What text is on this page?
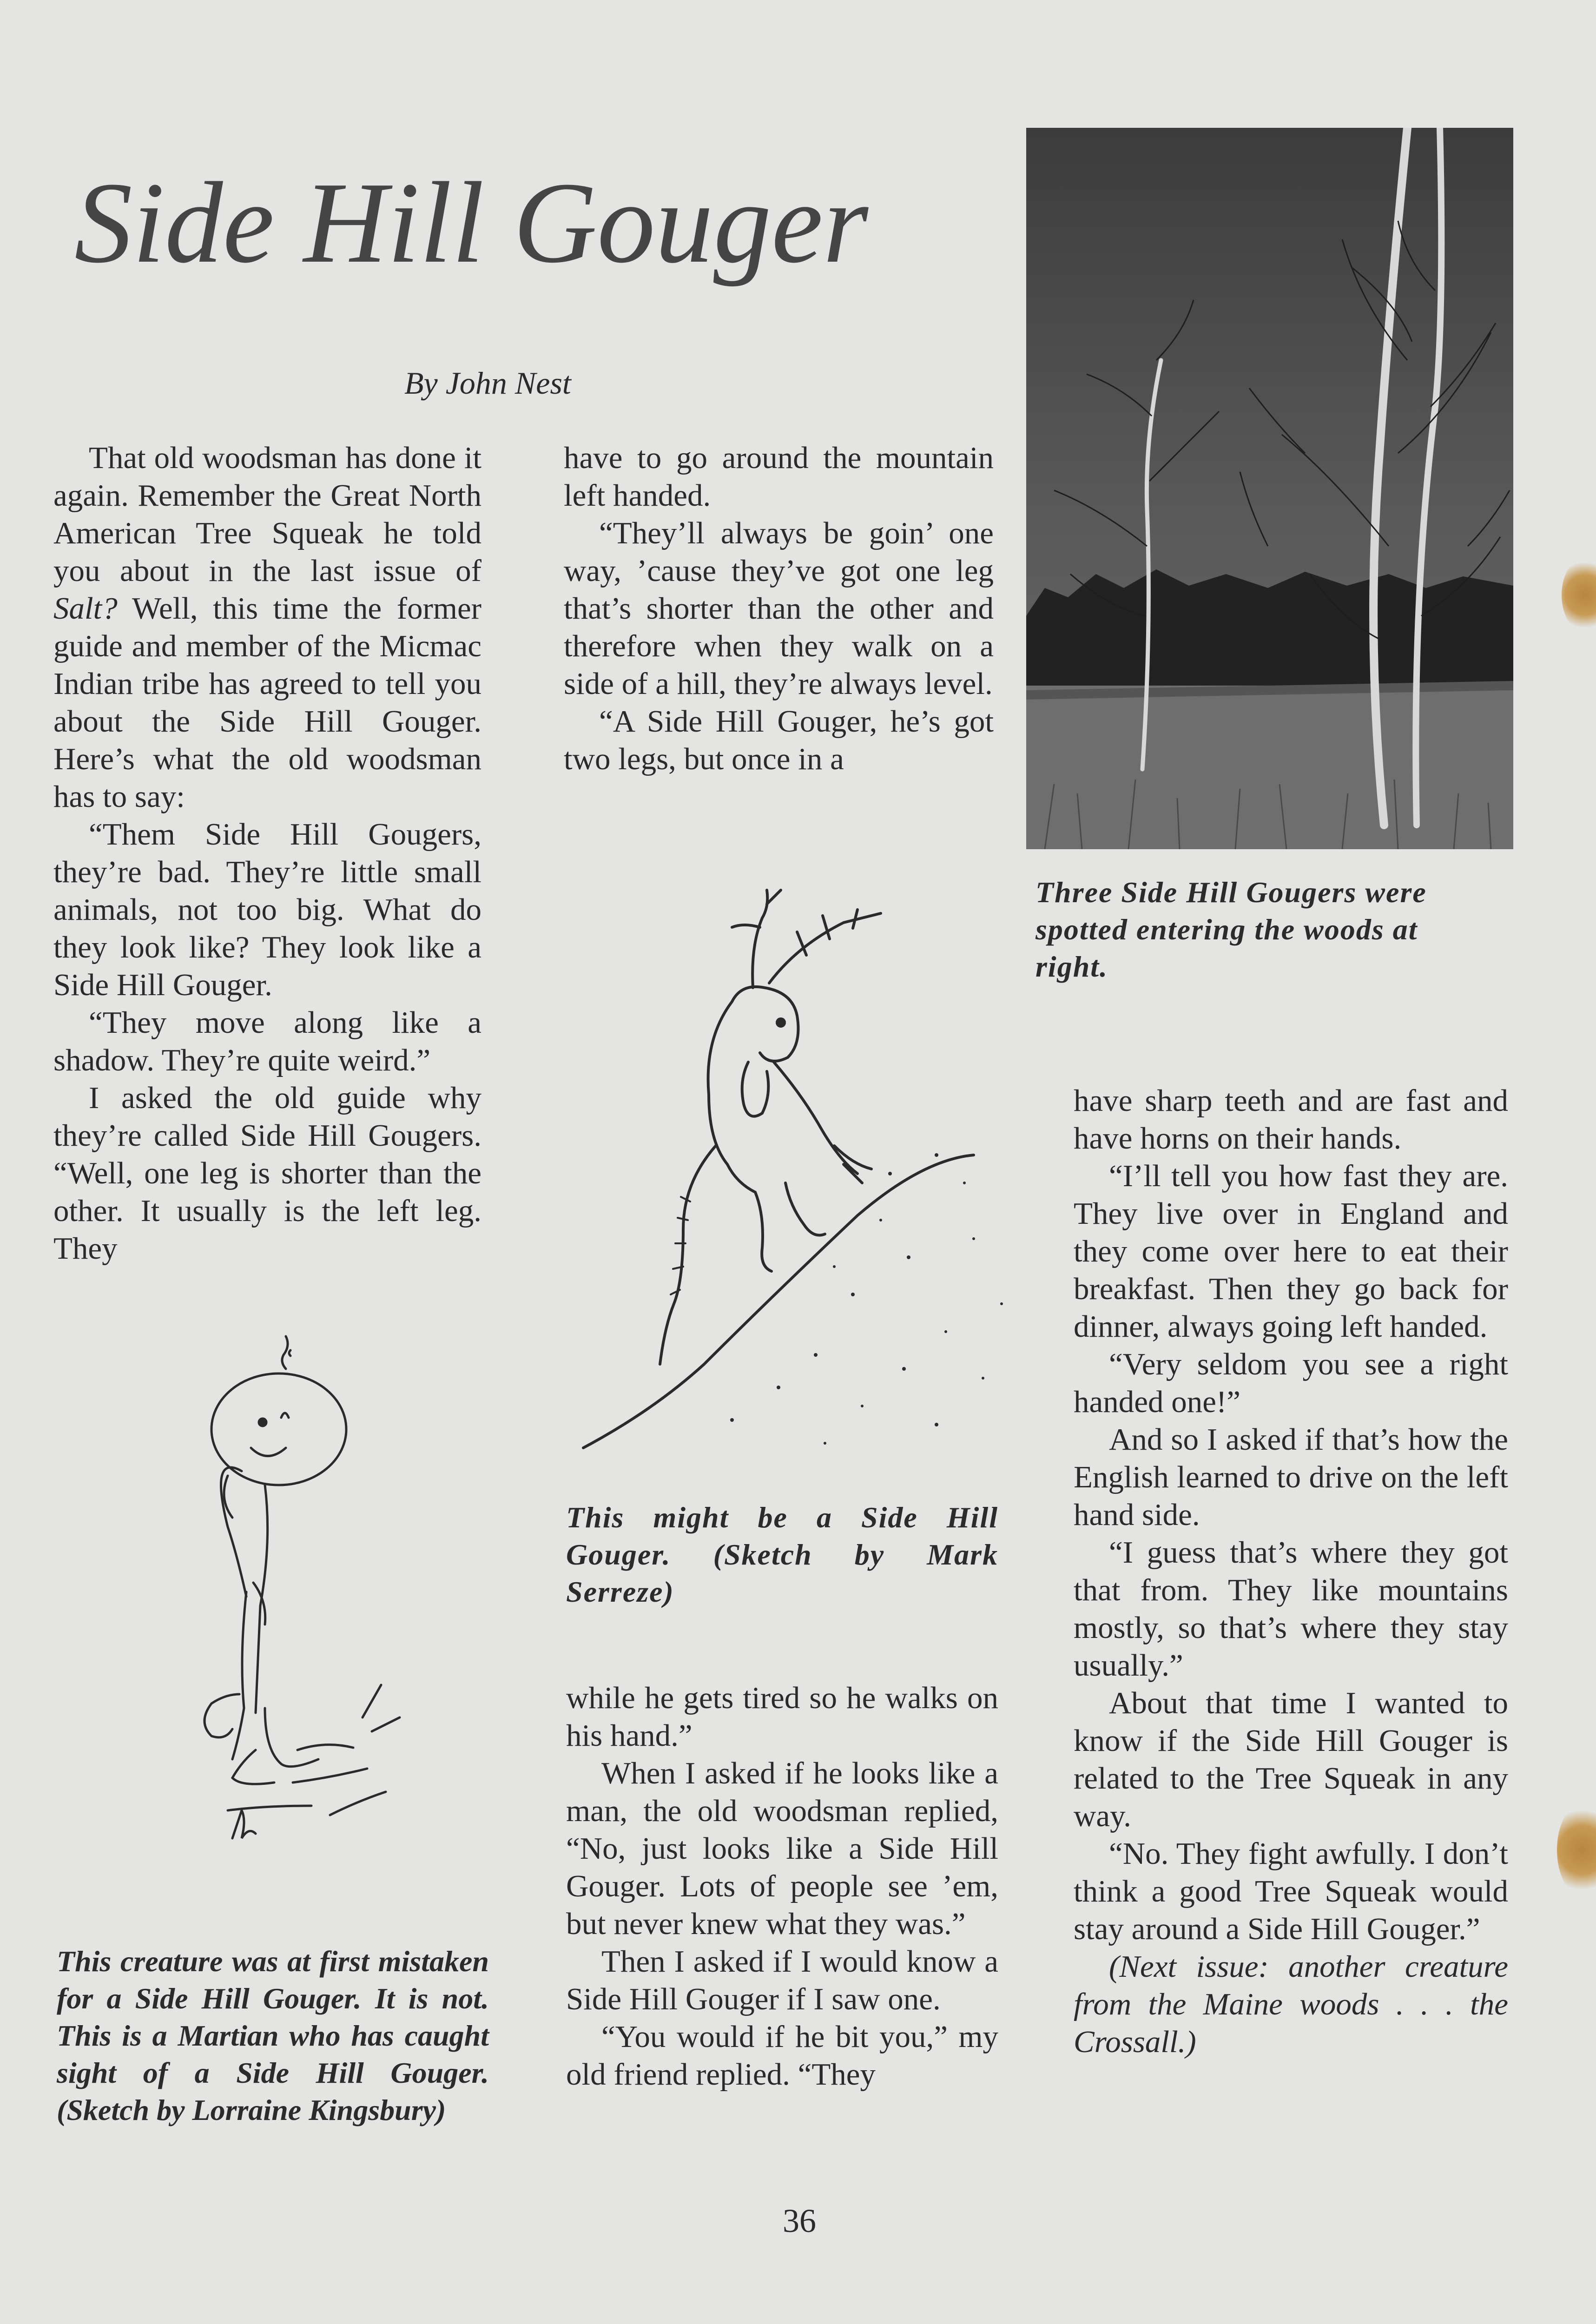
Side Hill Gouger

By John Nest

That old woodsman has done it again. Remember the Great North American Tree Squeak he told you about in the last issue of Salt? Well, this time the former guide and member of the Micmac Indian tribe has agreed to tell you about the Side Hill Gouger. Here’s what the old woodsman has to say:

“Them Side Hill Gougers, they’re bad. They’re little small animals, not too big. What do they look like? They look like a Side Hill Gouger.

“They move along like a shadow. They’re quite weird.”

I asked the old guide why they’re called Side Hill Gougers. “Well, one leg is shorter than the other. It usually is the left leg. They

This creature was at first mistaken for a Side Hill Gouger. It is not. This is a Martian who has caught sight of a Side Hill Gouger. (Sketch by Lorraine Kingsbury)

have to go around the mountain left handed.

“They’ll always be goin’ one way, ’cause they’ve got one leg that’s shorter than the other and therefore when they walk on a side of a hill, they’re always level.

“A Side Hill Gouger, he’s got two legs, but once in a

This might be a Side Hill Gouger. (Sketch by Mark Serreze)

while he gets tired so he walks on his hand.”

When I asked if he looks like a man, the old woodsman replied, “No, just looks like a Side Hill Gouger. Lots of people see ’em, but never knew what they was.”

Then I asked if I would know a Side Hill Gouger if I saw one.

“You would if he bit you,” my old friend replied. “They

Three Side Hill Gougers were spotted entering the woods at right.

have sharp teeth and are fast and have horns on their hands.

“I’ll tell you how fast they are. They live over in England and they come over here to eat their breakfast. Then they go back for dinner, always going left handed.

“Very seldom you see a right handed one!”

And so I asked if that’s how the English learned to drive on the left hand side.

“I guess that’s where they got that from. They like mountains mostly, so that’s where they stay usually.”

About that time I wanted to know if the Side Hill Gouger is related to the Tree Squeak in any way.

“No. They fight awfully. I don’t think a good Tree Squeak would stay around a Side Hill Gouger.”

(Next issue: another creature from the Maine woods . . . the Crossall.)

36
